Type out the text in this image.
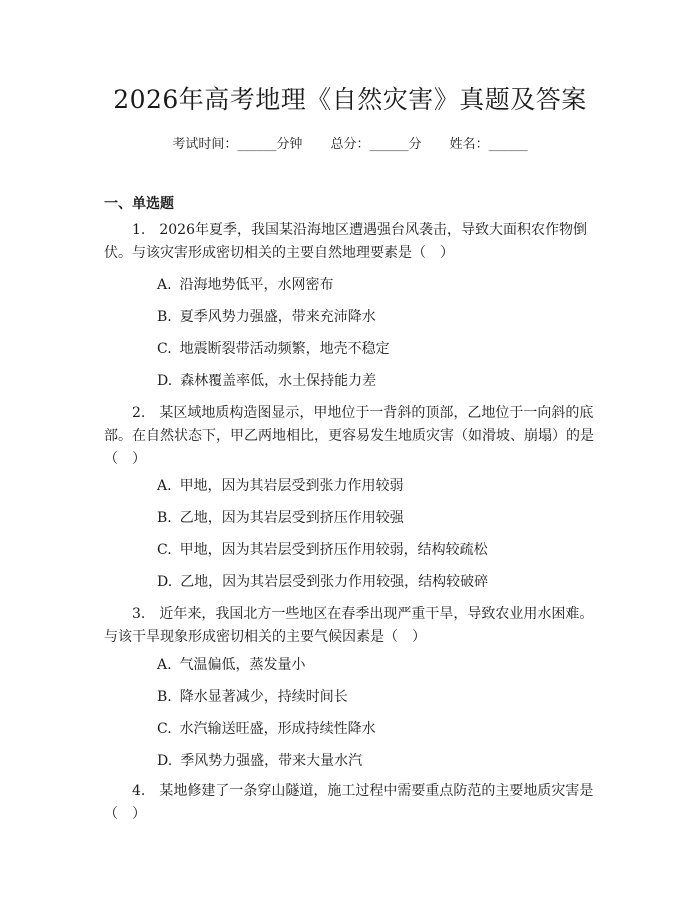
2026年高考地理《自然灾害》真题及答案
考试时间：______分钟 总分：______分 姓名：______
一、单选题
1.　2026年夏季，我国某沿海地区遭遇强台风袭击，导致大面积农作物倒伏。与该灾害形成密切相关的主要自然地理要素是（　）
A. 沿海地势低平，水网密布
B. 夏季风势力强盛，带来充沛降水
C. 地震断裂带活动频繁，地壳不稳定
D. 森林覆盖率低，水土保持能力差
2.　某区域地质构造图显示，甲地位于一背斜的顶部，乙地位于一向斜的底部。在自然状态下，甲乙两地相比，更容易发生地质灾害（如滑坡、崩塌）的是（　）
A. 甲地，因为其岩层受到张力作用较弱
B. 乙地，因为其岩层受到挤压作用较强
C. 甲地，因为其岩层受到挤压作用较弱，结构较疏松
D. 乙地，因为其岩层受到张力作用较强，结构较破碎
3.　近年来，我国北方一些地区在春季出现严重干旱，导致农业用水困难。与该干旱现象形成密切相关的主要气候因素是（　）
A. 气温偏低，蒸发量小
B. 降水显著减少，持续时间长
C. 水汽输送旺盛，形成持续性降水
D. 季风势力强盛，带来大量水汽
4.　某地修建了一条穿山隧道，施工过程中需要重点防范的主要地质灾害是（　）
